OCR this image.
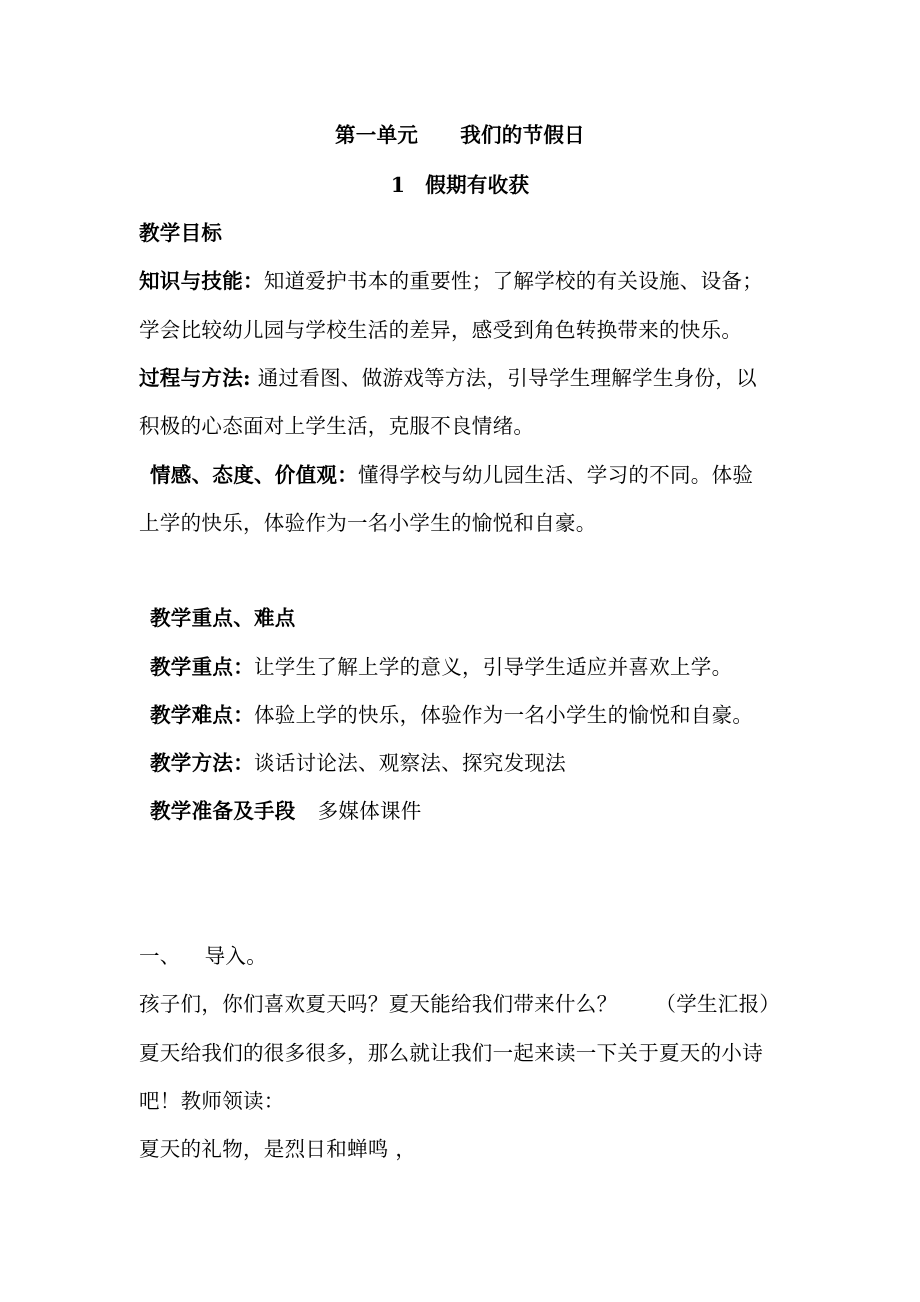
第一单元 我们的节假日
1 假期有收获
教学目标
知识与技能：知道爱护书本的重要性；了解学校的有关设施、设备；
学会比较幼儿园与学校生活的差异，感受到角色转换带来的快乐。
过程与方法: 通过看图、做游戏等方法，引导学生理解学生身份，以
积极的心态面对上学生活，克服不良情绪。
情感、态度、价值观：懂得学校与幼儿园生活、学习的不同。体验
上学的快乐，体验作为一名小学生的愉悦和自豪。
教学重点、难点
教学重点：让学生了解上学的意义，引导学生适应并喜欢上学。
教学难点：体验上学的快乐，体验作为一名小学生的愉悦和自豪。
教学方法：谈话讨论法、观察法、探究发现法
教学准备及手段 多媒体课件
一、 导入。
孩子们，你们喜欢夏天吗？夏天能给我们带来什么？ （学生汇报）
夏天给我们的很多很多，那么就让我们一起来读一下关于夏天的小诗
吧！教师领读：
夏天的礼物，是烈日和蝉鸣 ，
